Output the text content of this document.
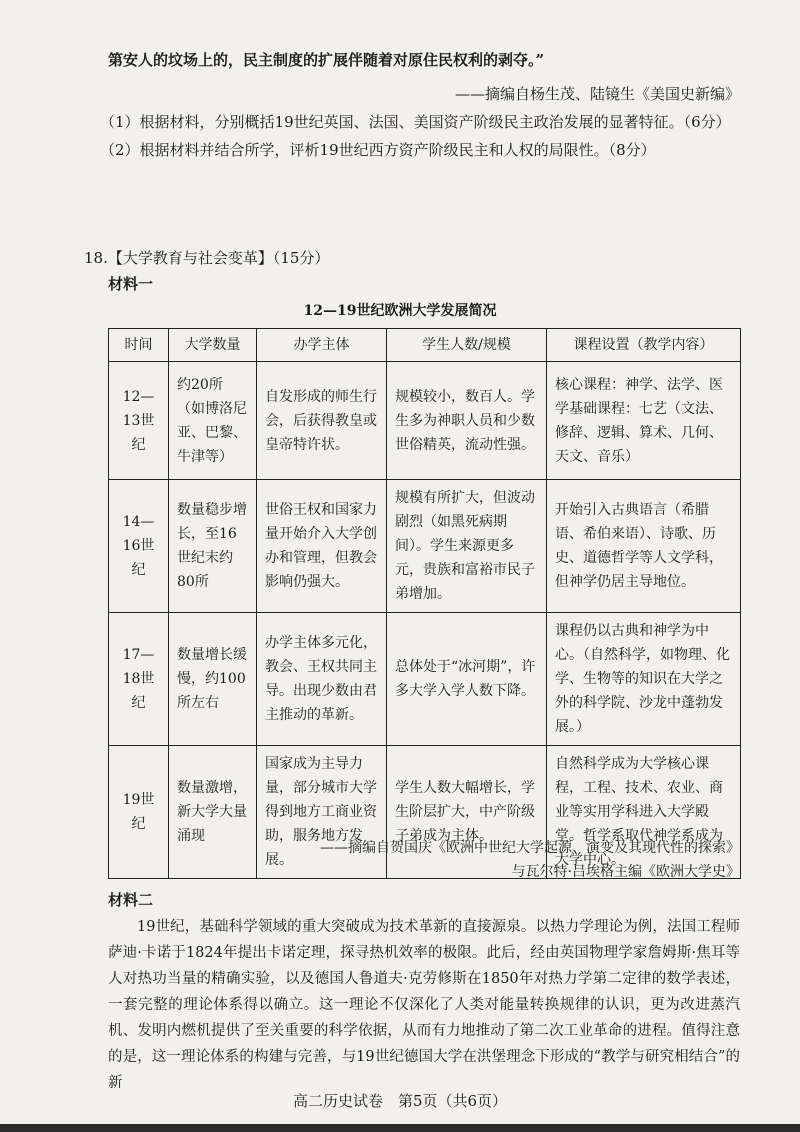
第安人的坟场上的，民主制度的扩展伴随着对原住民权利的剥夺。”
——摘编自杨生茂、陆镜生《美国史新编》
（1）根据材料，分别概括19世纪英国、法国、美国资产阶级民主政治发展的显著特征。（6分）
（2）根据材料并结合所学，评析19世纪西方资产阶级民主和人权的局限性。（8分）
18.【大学教育与社会变革】（15分）
材料一
12—19世纪欧洲大学发展简况
时间	大学数量	办学主体	学生人数/规模	课程设置（教学内容）
12—13世纪	约20所（如博洛尼亚、巴黎、牛津等）	自发形成的师生行会，后获得教皇或皇帝特许状。	规模较小，数百人。学生多为神职人员和少数世俗精英，流动性强。	核心课程：神学、法学、医学基础课程：七艺（文法、修辞、逻辑、算术、几何、天文、音乐）
14—16世纪	数量稳步增长，至16世纪末约80所	世俗王权和国家力量开始介入大学创办和管理，但教会影响仍强大。	规模有所扩大，但波动剧烈（如黑死病期间）。学生来源更多元，贵族和富裕市民子弟增加。	开始引入古典语言（希腊语、希伯来语）、诗歌、历史、道德哲学等人文学科，但神学仍居主导地位。
17—18世纪	数量增长缓慢，约100所左右	办学主体多元化，教会、王权共同主导。出现少数由君主推动的革新。	总体处于“冰河期”，许多大学入学人数下降。	课程仍以古典和神学为中心。（自然科学，如物理、化学、生物等的知识在大学之外的科学院、沙龙中蓬勃发展。）
19世纪	数量激增，新大学大量涌现	国家成为主导力量，部分城市大学得到地方工商业资助，服务地方发展。	学生人数大幅增长，学生阶层扩大，中产阶级子弟成为主体。	自然科学成为大学核心课程，工程、技术、农业、商业等实用学科进入大学殿堂。哲学系取代神学系成为大学中心。
——摘编自贺国庆《欧洲中世纪大学起源、演变及其现代性的探索》
与瓦尔特·吕埃格主编《欧洲大学史》
材料二
19世纪，基础科学领域的重大突破成为技术革新的直接源泉。以热力学理论为例，法国工程师萨迪·卡诺于1824年提出卡诺定理，探寻热机效率的极限。此后，经由英国物理学家詹姆斯·焦耳等人对热功当量的精确实验，以及德国人鲁道夫·克劳修斯在1850年对热力学第二定律的数学表述，一套完整的理论体系得以确立。这一理论不仅深化了人类对能量转换规律的认识，更为改进蒸汽机、发明内燃机提供了至关重要的科学依据，从而有力地推动了第二次工业革命的进程。值得注意的是，这一理论体系的构建与完善，与19世纪德国大学在洪堡理念下形成的“教学与研究相结合”的新
高二历史试卷　第5页（共6页）
